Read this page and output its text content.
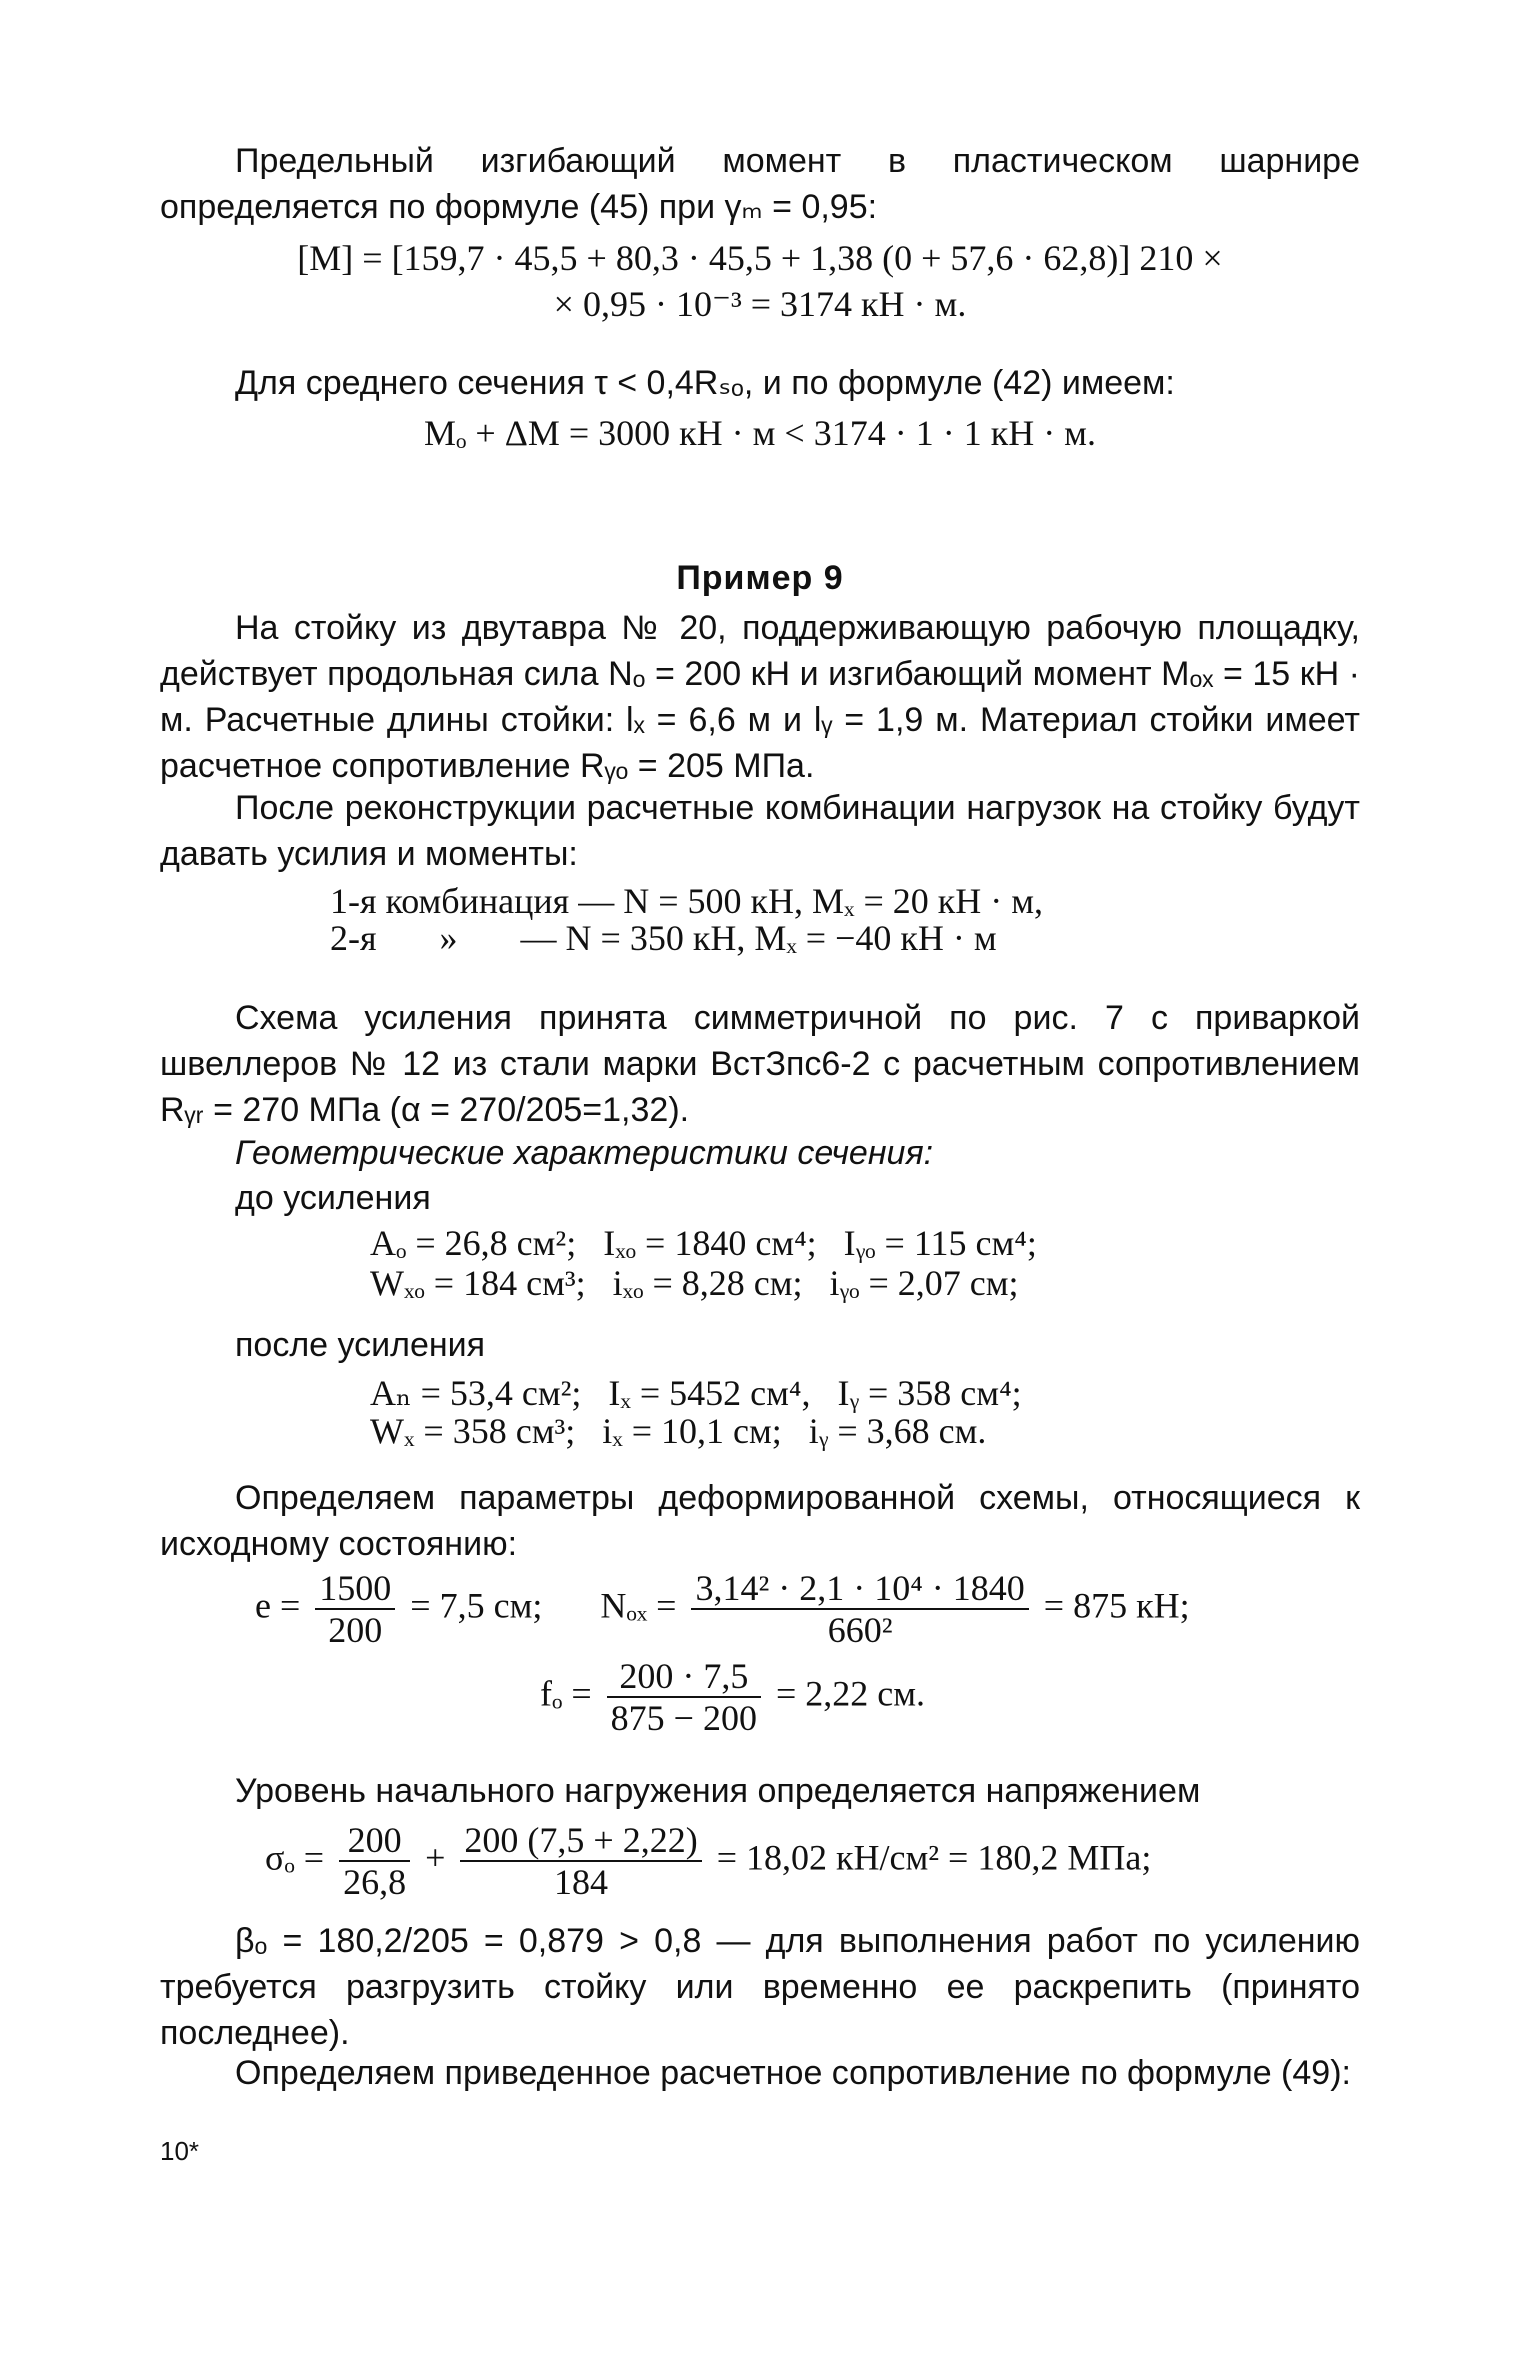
Предельный изгибающий момент в пластическом шарнире определяется по формуле (45) при γₘ = 0,95:
[M] = [159,7 · 45,5 + 80,3 · 45,5 + 1,38 (0 + 57,6 · 62,8)] 210 ×
× 0,95 · 10⁻³ = 3174 кН · м.
Для среднего сечения τ < 0,4Rₛₒ, и по формуле (42) имеем:
Mₒ + ΔM = 3000 кН · м < 3174 · 1 · 1 кН · м.
Пример 9
На стойку из двутавра № 20, поддерживающую рабочую площадку, действует продольная сила Nₒ = 200 кН и изгибающий момент Mₒₓ = 15 кН · м. Расчетные длины стойки: lₓ = 6,6 м и lᵧ = 1,9 м. Материал стойки имеет расчетное сопротивление Rᵧₒ = 205 МПа.
После реконструкции расчетные комбинации нагрузок на стойку будут давать усилия и моменты:
1-я комбинация — N = 500 кН, Mₓ = 20 кН · м,
2-я       »       — N = 350 кН, Mₓ = −40 кН · м
Схема усиления принята симметричной по рис. 7 с приваркой швеллеров № 12 из стали марки ВстЗпс6-2 с расчетным сопротивлением Rᵧᵣ = 270 МПа (α = 270/205=1,32).
Геометрические характеристики сечения:
до усиления
Aₒ = 26,8 см²;   Iₓₒ = 1840 см⁴;   Iᵧₒ = 115 см⁴;
Wₓₒ = 184 см³;   iₓₒ = 8,28 см;   iᵧₒ = 2,07 см;
после усиления
Aₙ = 53,4 см²;   Iₓ = 5452 см⁴,   Iᵧ = 358 см⁴;
Wₓ = 358 см³;   iₓ = 10,1 см;   iᵧ = 3,68 см.
Определяем параметры деформированной схемы, относящиеся к исходному состоянию:
$e = \frac{1500}{200} = 7,5$ см; $N_{ox} = \frac{\text{3,14² · 2,1 · 10⁴ · 1840}}{\text{660²}} = 875$ кН;
$f_o = \frac{200 \cdot 7,5}{875 - 200} = 2,22$ см.
Уровень начального нагружения определяется напряжением
$\sigma_o = \frac{200}{26,8} + \frac{200 (7,5 + 2,22)}{184} = 18,02$ кН/см² = 180,2 МПа;
βₒ = 180,2/205 = 0,879 > 0,8 — для выполнения работ по усилению требуется разгрузить стойку или временно ее раскрепить (принято последнее).
Определяем приведенное расчетное сопротивление по формуле (49):
10*
